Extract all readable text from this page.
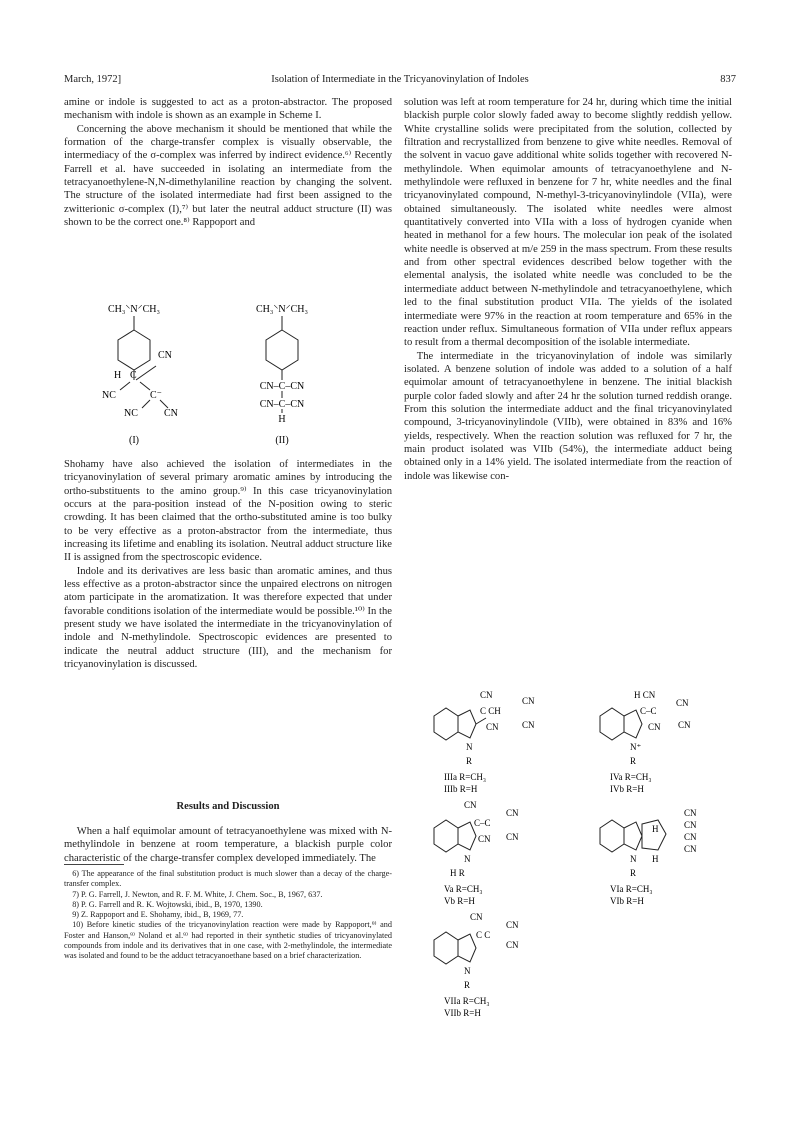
March, 1972]	Isolation of Intermediate in the Tricyanovinylation of Indoles	837

amine or indole is suggested to act as a proton-abstractor. The proposed mechanism with indole is shown as an example in Scheme I.

Concerning the above mechanism it should be mentioned that while the formation of the charge-transfer complex is visually observable, the intermediacy of the σ-complex was inferred by indirect evidence.⁶⁾ Recently Farrell et al. have succeeded in isolating an intermediate from the tetracyanoethylene-N,N-dimethylaniline reaction by changing the solvent. The structure of the isolated intermediate had first been assigned to the zwitterionic σ-complex (I),⁷⁾ but later the neutral adduct structure (II) was shown to be the correct one.⁸⁾ Rappoport and

CH₃⸌N⸍CH₃
CN
H C
NC	C⁻
NC	CN
(I)
CH₃⸌N⸍CH₃
CN–C–CN
CN–C–CN
H
(II)

Shohamy have also achieved the isolation of intermediates in the tricyanovinylation of several primary aromatic amines by introducing the ortho-substituents to the amino group.⁹⁾ In this case tricyanovinylation occurs at the para-position instead of the N-position owing to steric crowding. It has been claimed that the ortho-substituted amine is too bulky to be very effective as a proton-abstractor from the intermediate, thus increasing its lifetime and enabling its isolation. Neutral adduct structure like II is assigned from the spectroscopic evidence.

Indole and its derivatives are less basic than aromatic amines, and thus less effective as a proton-abstractor since the unpaired electrons on nitrogen atom participate in the aromatization. It was therefore expected that under favorable conditions isolation of the intermediate would be possible.¹⁰⁾ In the present study we have isolated the intermediate in the tricyanovinylation of indole and N-methylindole. Spectroscopic evidences are presented to indicate the neutral adduct structure (III), and the mechanism for tricyanovinylation is discussed.

Results and Discussion

When a half equimolar amount of tetracyanoethylene was mixed with N-methylindole in benzene at room temperature, a blackish purple color characteristic of the charge-transfer complex developed immediately. The

6) The appearance of the final substitution product is much slower than a decay of the charge-transfer complex.

7) P. G. Farrell, J. Newton, and R. F. M. White, J. Chem. Soc., B, 1967, 637.

8) P. G. Farrell and R. K. Wojtowski, ibid., B, 1970, 1390.

9) Z. Rappoport and E. Shohamy, ibid., B, 1969, 77.

10) Before kinetic studies of the tricyanovinylation reaction were made by Rappoport,⁹⁾ and Foster and Hanson,⁹⁾ Noland et al.⁹⁾ had reported in their synthetic studies of tricyanovinylated compounds from indole and its derivatives that in one case, with 2-methylindole, the intermediate was isolated and found to be the adduct tetracyanoethane based on a brief characterization.

solution was left at room temperature for 24 hr, during which time the initial blackish purple color slowly faded away to become slightly reddish yellow. White crystalline solids were precipitated from the solution, collected by filtration and recrystallized from benzene to give white needles. Removal of the solvent in vacuo gave additional white solids together with recovered N-methylindole. When equimolar amounts of tetracyanoethylene and N-methylindole were refluxed in benzene for 7 hr, white needles and the final tricyanovinylated compound, N-methyl-3-tricyanovinylindole (VIIa), were obtained simultaneously. The isolated white needles were almost quantitatively converted into VIIa with a loss of hydrogen cyanide when heated in methanol for a few hours. The molecular ion peak of the isolated white needle is observed at m/e 259 in the mass spectrum. From these results and from other spectral evidences described below together with the elemental analysis, the isolated white needle was concluded to be the intermediate adduct between N-methylindole and tetracyanoethylene, which led to the final substitution product VIIa. The yields of the isolated intermediate were 97% in the reaction at room temperature and 65% in the reaction under reflux. Simultaneous formation of VIIa under reflux appears to result from a thermal decomposition of the isolable intermediate.

The intermediate in the tricyanovinylation of indole was similarly isolated. A benzene solution of indole was added to a solution of a half equimolar amount of tetracyanoethylene in benzene. The initial blackish purple color faded slowly and after 24 hr the solution turned reddish orange. From this solution the intermediate adduct and the final tricyanovinylated compound, 3-tricyanovinylindole (VIIb), were obtained in 83% and 16% yields, respectively. When the reaction solution was refluxed for 7 hr, the main product isolated was VIIb (54%), the intermediate adduct being obtained only in a 14% yield. The isolated intermediate from the reaction of indole was likewise con-

CN
C CH
CN
CN	CN
N
R
IIIa R=CH₃
IIIb R=H
H CN
C–C
CN
CN CN
N⁺
R
IVa R=CH₃
IVb R=H
CN
C–C
CN
CN CN
N
H R
Va R=CH₃
Vb R=H
CN
CN
CN
CN
H
H
N
R
VIa R=CH₃
VIb R=H
CN
C C
CN
CN
N
R
VIIa R=CH₃
VIIb R=H
